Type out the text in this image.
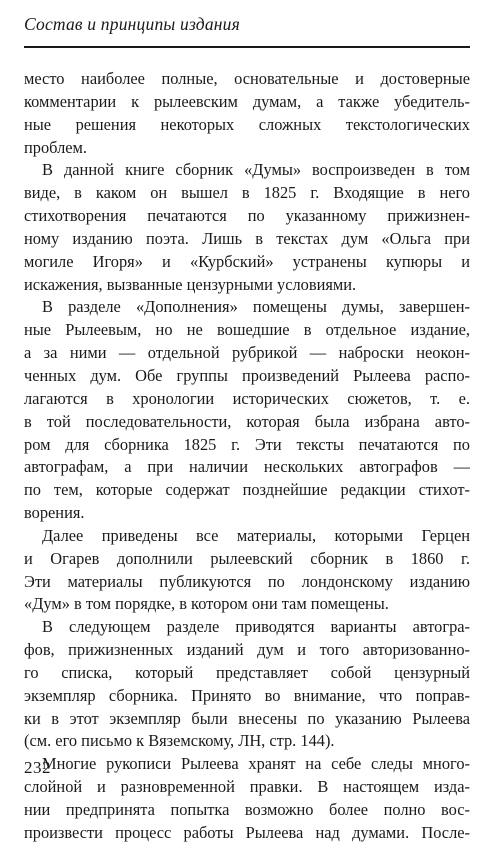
Состав и принципы издания
место наиболее полные, основательные и достоверные
комментарии к рылеевским думам, а также убедитель-
ные решения некоторых сложных текстологических
проблем.
В данной книге сборник «Думы» воспроизведен в том
виде, в каком он вышел в 1825 г. Входящие в него
стихотворения печатаются по указанному прижизнен-
ному изданию поэта. Лишь в текстах дум «Ольга при
могиле Игоря» и «Курбский» устранены купюры и
искажения, вызванные цензурными условиями.
В разделе «Дополнения» помещены думы, завершен-
ные Рылеевым, но не вошедшие в отдельное издание,
а за ними — отдельной рубрикой — наброски неокон-
ченных дум. Обе группы произведений Рылеева распо-
лагаются в хронологии исторических сюжетов, т. е.
в той последовательности, которая была избрана авто-
ром для сборника 1825 г. Эти тексты печатаются по
автографам, а при наличии нескольких автографов —
по тем, которые содержат позднейшие редакции стихот-
ворения.
Далее приведены все материалы, которыми Герцен
и Огарев дополнили рылеевский сборник в 1860 г.
Эти материалы публикуются по лондонскому изданию
«Дум» в том порядке, в котором они там помещены.
В следующем разделе приводятся варианты автогра-
фов, прижизненных изданий дум и того авторизованно-
го списка, который представляет собой цензурный
экземпляр сборника. Принято во внимание, что поправ-
ки в этот экземпляр были внесены по указанию Рылеева
(см. его письмо к Вяземскому, ЛН, стр. 144).
Многие рукописи Рылеева хранят на себе следы много-
слойной и разновременной правки. В настоящем изда-
нии предпринята попытка возможно более полно вос-
произвести процесс работы Рылеева над думами. После-
232
